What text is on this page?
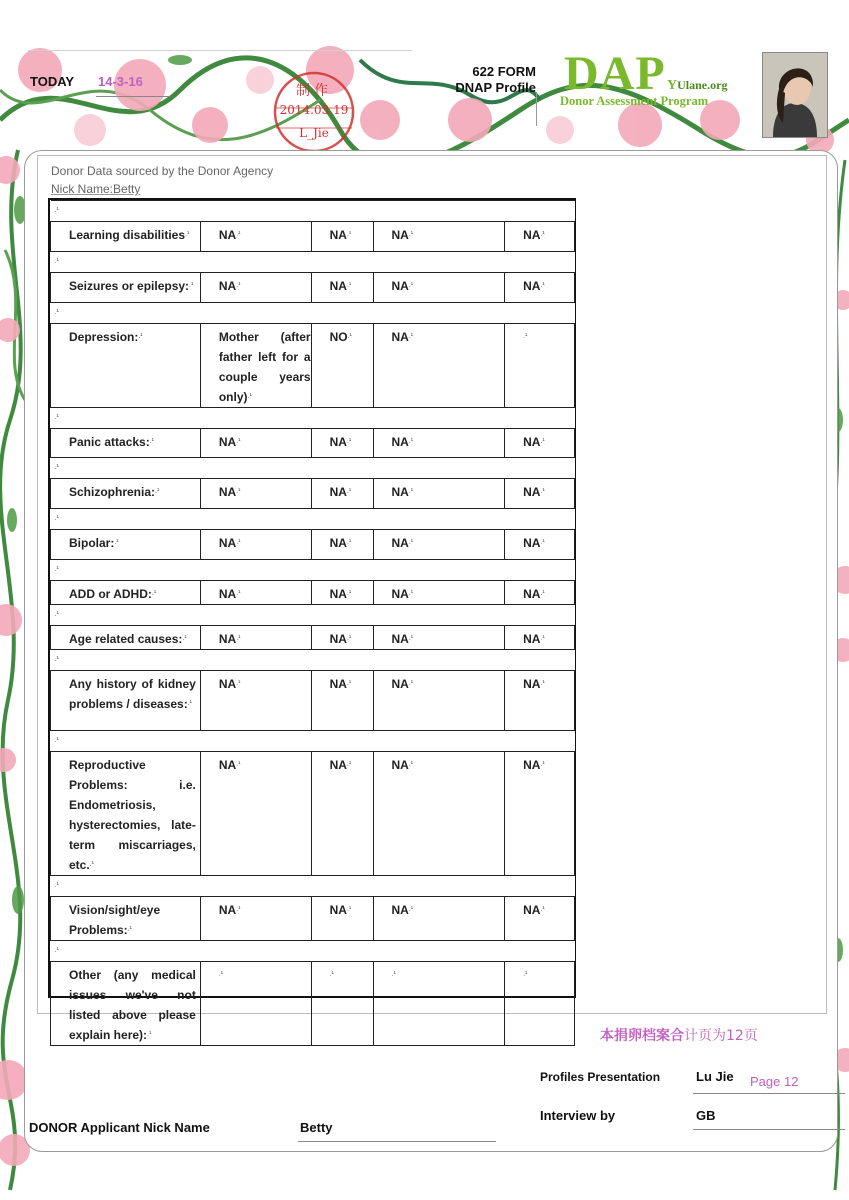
TODAY 14-3-16
制作
2014.03.19
L_Jie
622 FORM
DNAP Profile DAP YUlane.org
Donor Assessment Program
Donor Data sourced by the Donor Agency
Nick Name:Betty
$^{.^1}$
Learning disabilities$^{.^1}$	$NA^{.^1}$	$NA^{.^1}$	$NA^{.^1}$	$NA^{.^1}$
$^{.^1}$
Seizures or epilepsy:$^{.^1}$	$NA^{.^1}$	$NA^{.^1}$	$NA^{.^1}$	$NA^{.^1}$
$^{.^1}$
Depression:$^{.^1}$	Mother (after father left for a couple years only)$^{.^1}$	$NO^{.^1}$	$NA^{.^1}$	$^{.^1}$
$^{.^1}$
Panic attacks:$^{.^1}$	$NA^{.^1}$	$NA^{.^1}$	$NA^{.^1}$	$NA^{.^1}$
$^{.^1}$
Schizophrenia:$^{.^1}$	$NA^{.^1}$	$NA^{.^1}$	$NA^{.^1}$	$NA^{.^1}$
$^{.^1}$
Bipolar:$^{.^1}$	$NA^{.^1}$	$NA^{.^1}$	$NA^{.^1}$	$NA^{.^1}$
$^{.^1}$
ADD or ADHD:$^{.^1}$	$NA^{.^1}$	$NA^{.^1}$	$NA^{.^1}$	$NA^{.^1}$
$^{.^1}$
Age related causes:$^{.^1}$	$NA^{.^1}$	$NA^{.^1}$	$NA^{.^1}$	$NA^{.^1}$
$^{.^1}$
Any history of kidney problems / diseases:$^{.^1}$	$NA^{.^1}$	$NA^{.^1}$	$NA^{.^1}$	$NA^{.^1}$
$^{.^1}$
Reproductive Problems: i.e. Endometriosis, hysterectomies, late-term miscarriages, etc.$^{.^1}$	$NA^{.^1}$	$NA^{.^1}$	$NA^{.^1}$	$NA^{.^1}$
$^{.^1}$
Vision/sight/eye Problems:$^{.^1}$	$NA^{.^1}$	$NA^{.^1}$	$NA^{.^1}$	$NA^{.^1}$
$^{.^1}$
Other (any medical issues we've not listed above please explain here):$^{.^1}$	$^{.^1}$	$^{.^1}$	$^{.^1}$	$^{.^1}$
本捐卵档案合计页为12页
Profiles Presentation	Lu Jie Page 12
Interview by	GB
DONOR Applicant Nick Name	Betty
